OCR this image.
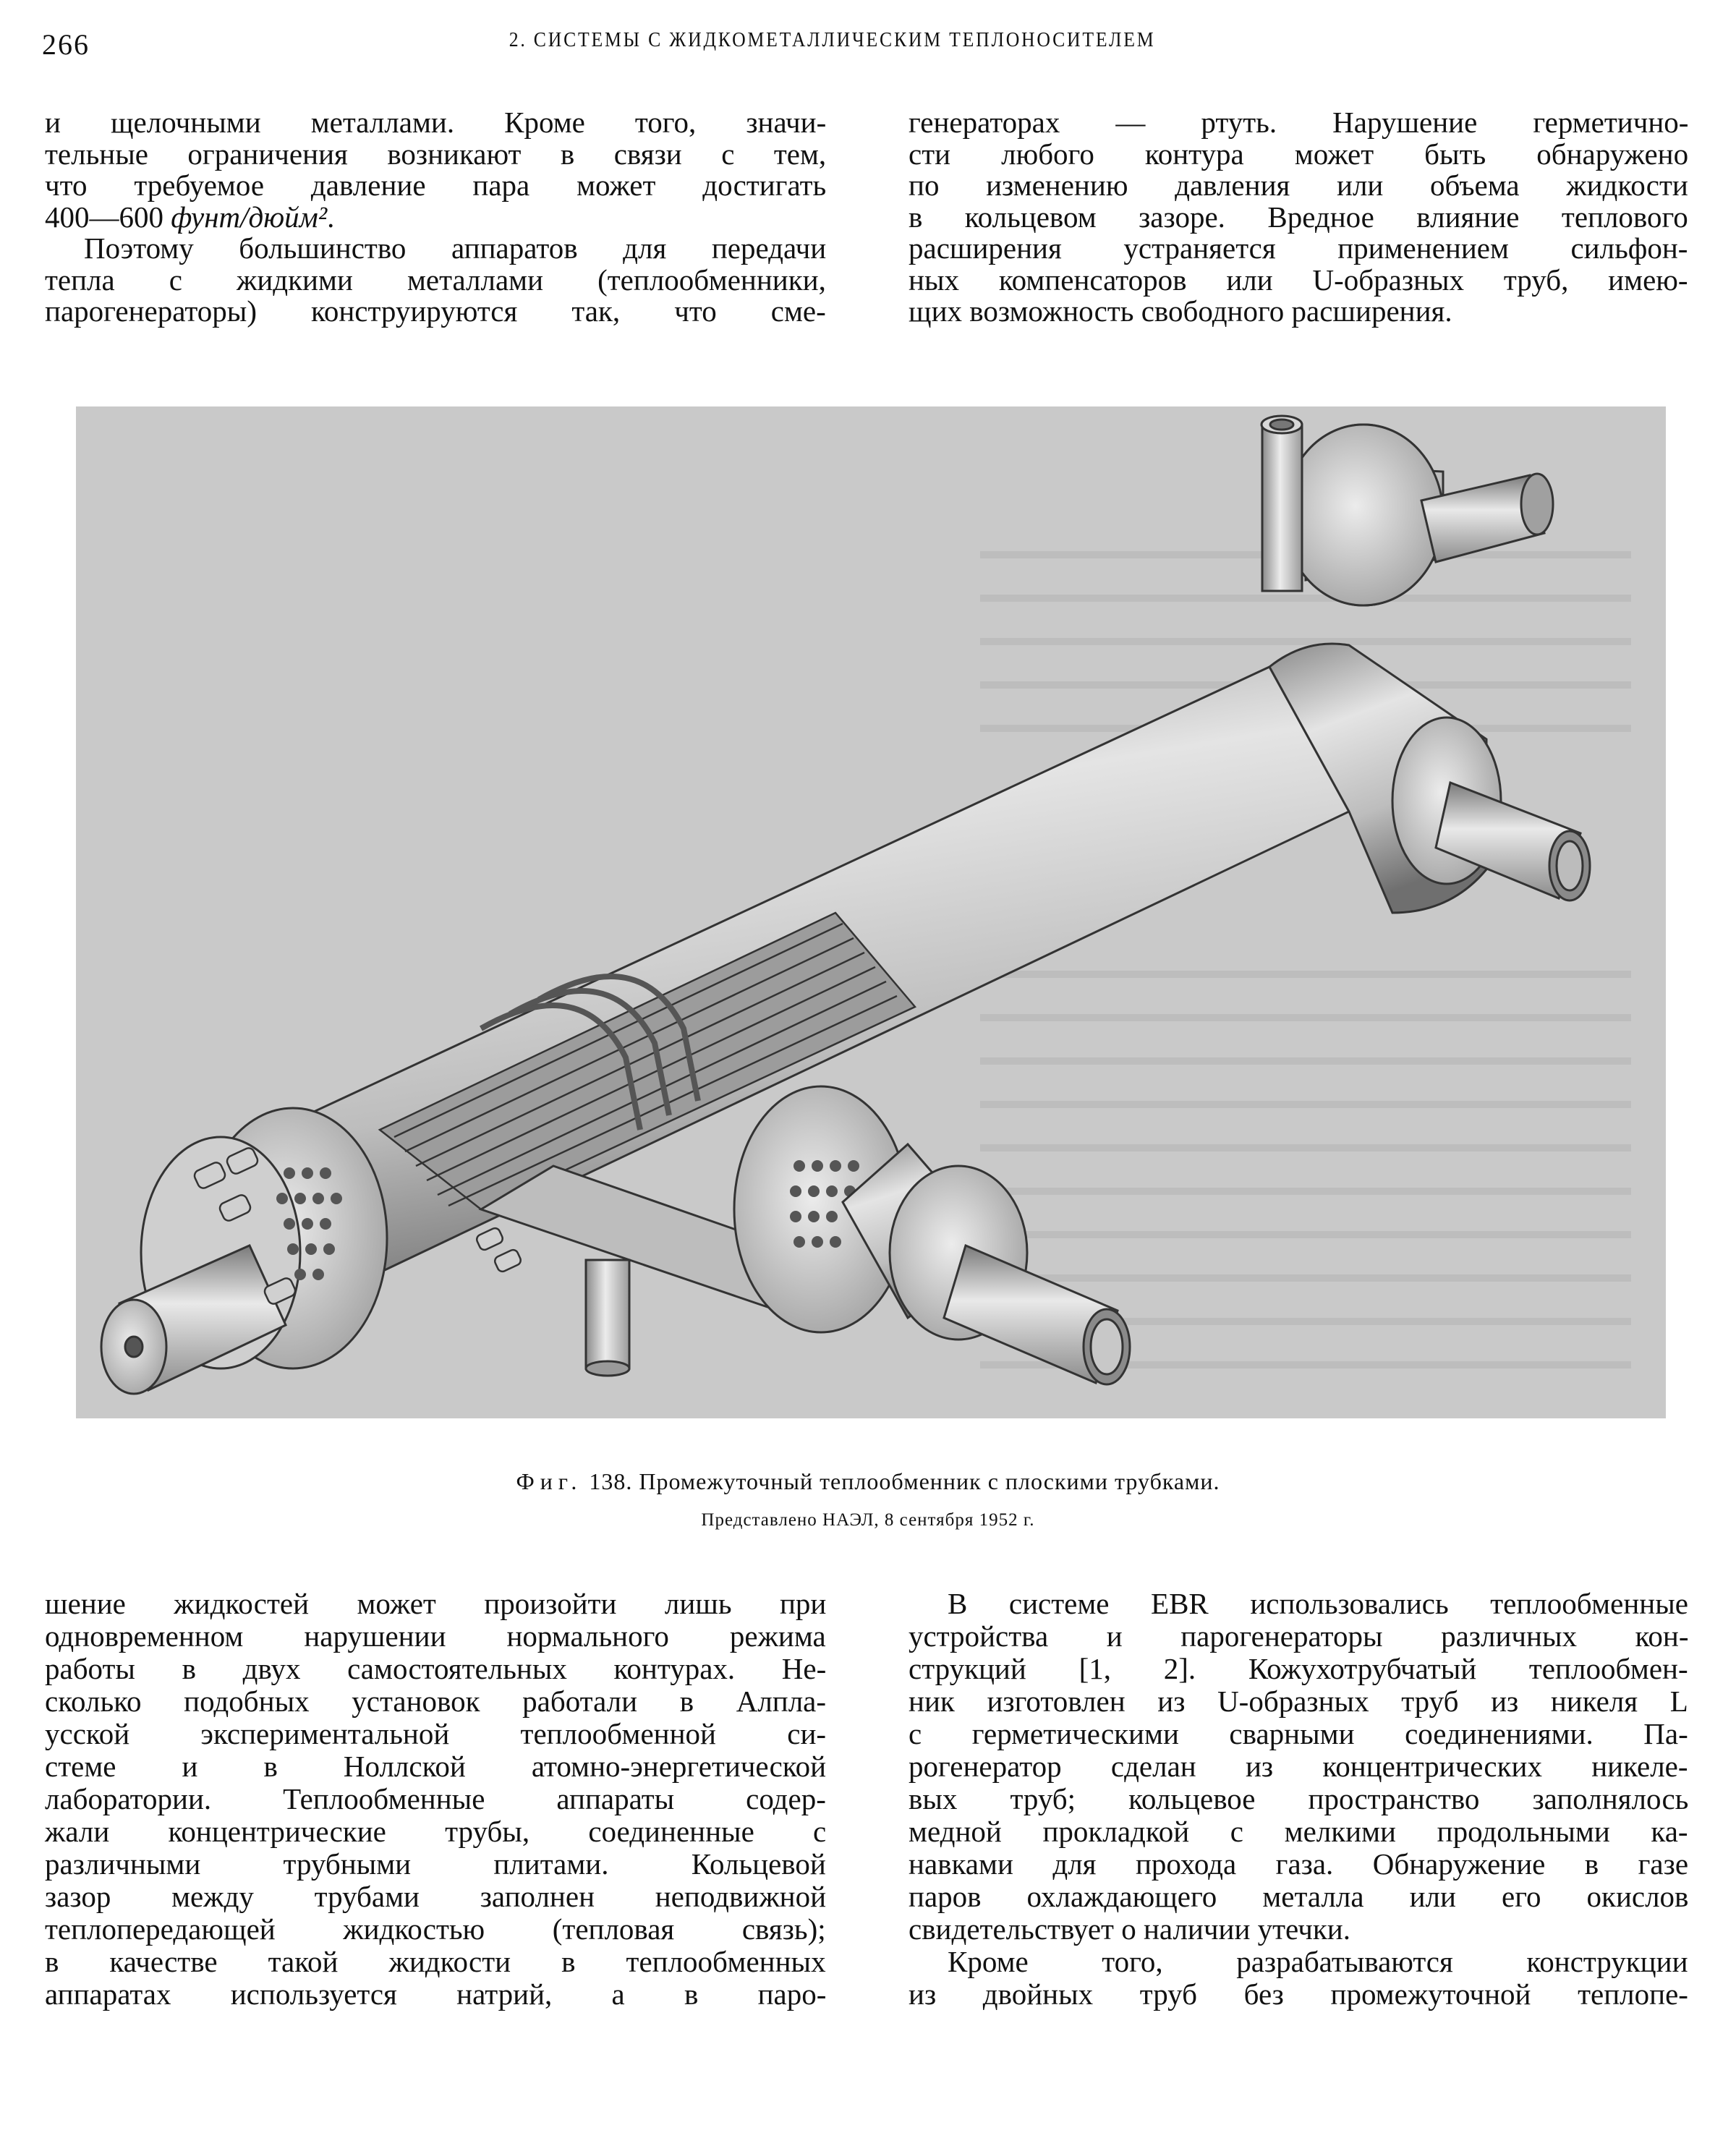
266	2. СИСТЕМЫ С ЖИДКОМЕТАЛЛИЧЕСКИМ ТЕПЛОНОСИТЕЛЕМ
и щелочными металлами. Кроме того, значи-
тельные ограничения возникают в связи с тем,
что требуемое давление пара может достигать
400—600 фунт/дюйм².
Поэтому большинство аппаратов для передачи
тепла с жидкими металлами (теплообменники,
парогенераторы) конструируются так, что сме-
генераторах — ртуть. Нарушение герметично-
сти любого контура может быть обнаружено
по изменению давления или объема жидкости
в кольцевом зазоре. Вредное влияние теплового
расширения устраняется применением сильфон-
ных компенсаторов или U-образных труб, имею-
щих возможность свободного расширения.
Фиг. 138. Промежуточный теплообменник с плоскими трубками.
Представлено НАЭЛ, 8 сентября 1952 г.
шение жидкостей может произойти лишь при
одновременном нарушении нормального режима
работы в двух самостоятельных контурах. Не-
сколько подобных установок работали в Алпла-
усской экспериментальной теплообменной си-
стеме и в Ноллской атомно-энергетической
лаборатории. Теплообменные аппараты содер-
жали концентрические трубы, соединенные с
различными трубными плитами. Кольцевой
зазор между трубами заполнен неподвижной
теплопередающей жидкостью (тепловая связь);
в качестве такой жидкости в теплообменных
аппаратах используется натрий, а в паро-
В системе EBR использовались теплообменные
устройства и парогенераторы различных кон-
струкций [1, 2]. Кожухотрубчатый теплообмен-
ник изготовлен из U-образных труб из никеля L
с герметическими сварными соединениями. Па-
рогенератор сделан из концентрических никеле-
вых труб; кольцевое пространство заполнялось
медной прокладкой с мелкими продольными ка-
навками для прохода газа. Обнаружение в газе
паров охлаждающего металла или его окислов
свидетельствует о наличии утечки.
Кроме того, разрабатываются конструкции
из двойных труб без промежуточной теплопе-
